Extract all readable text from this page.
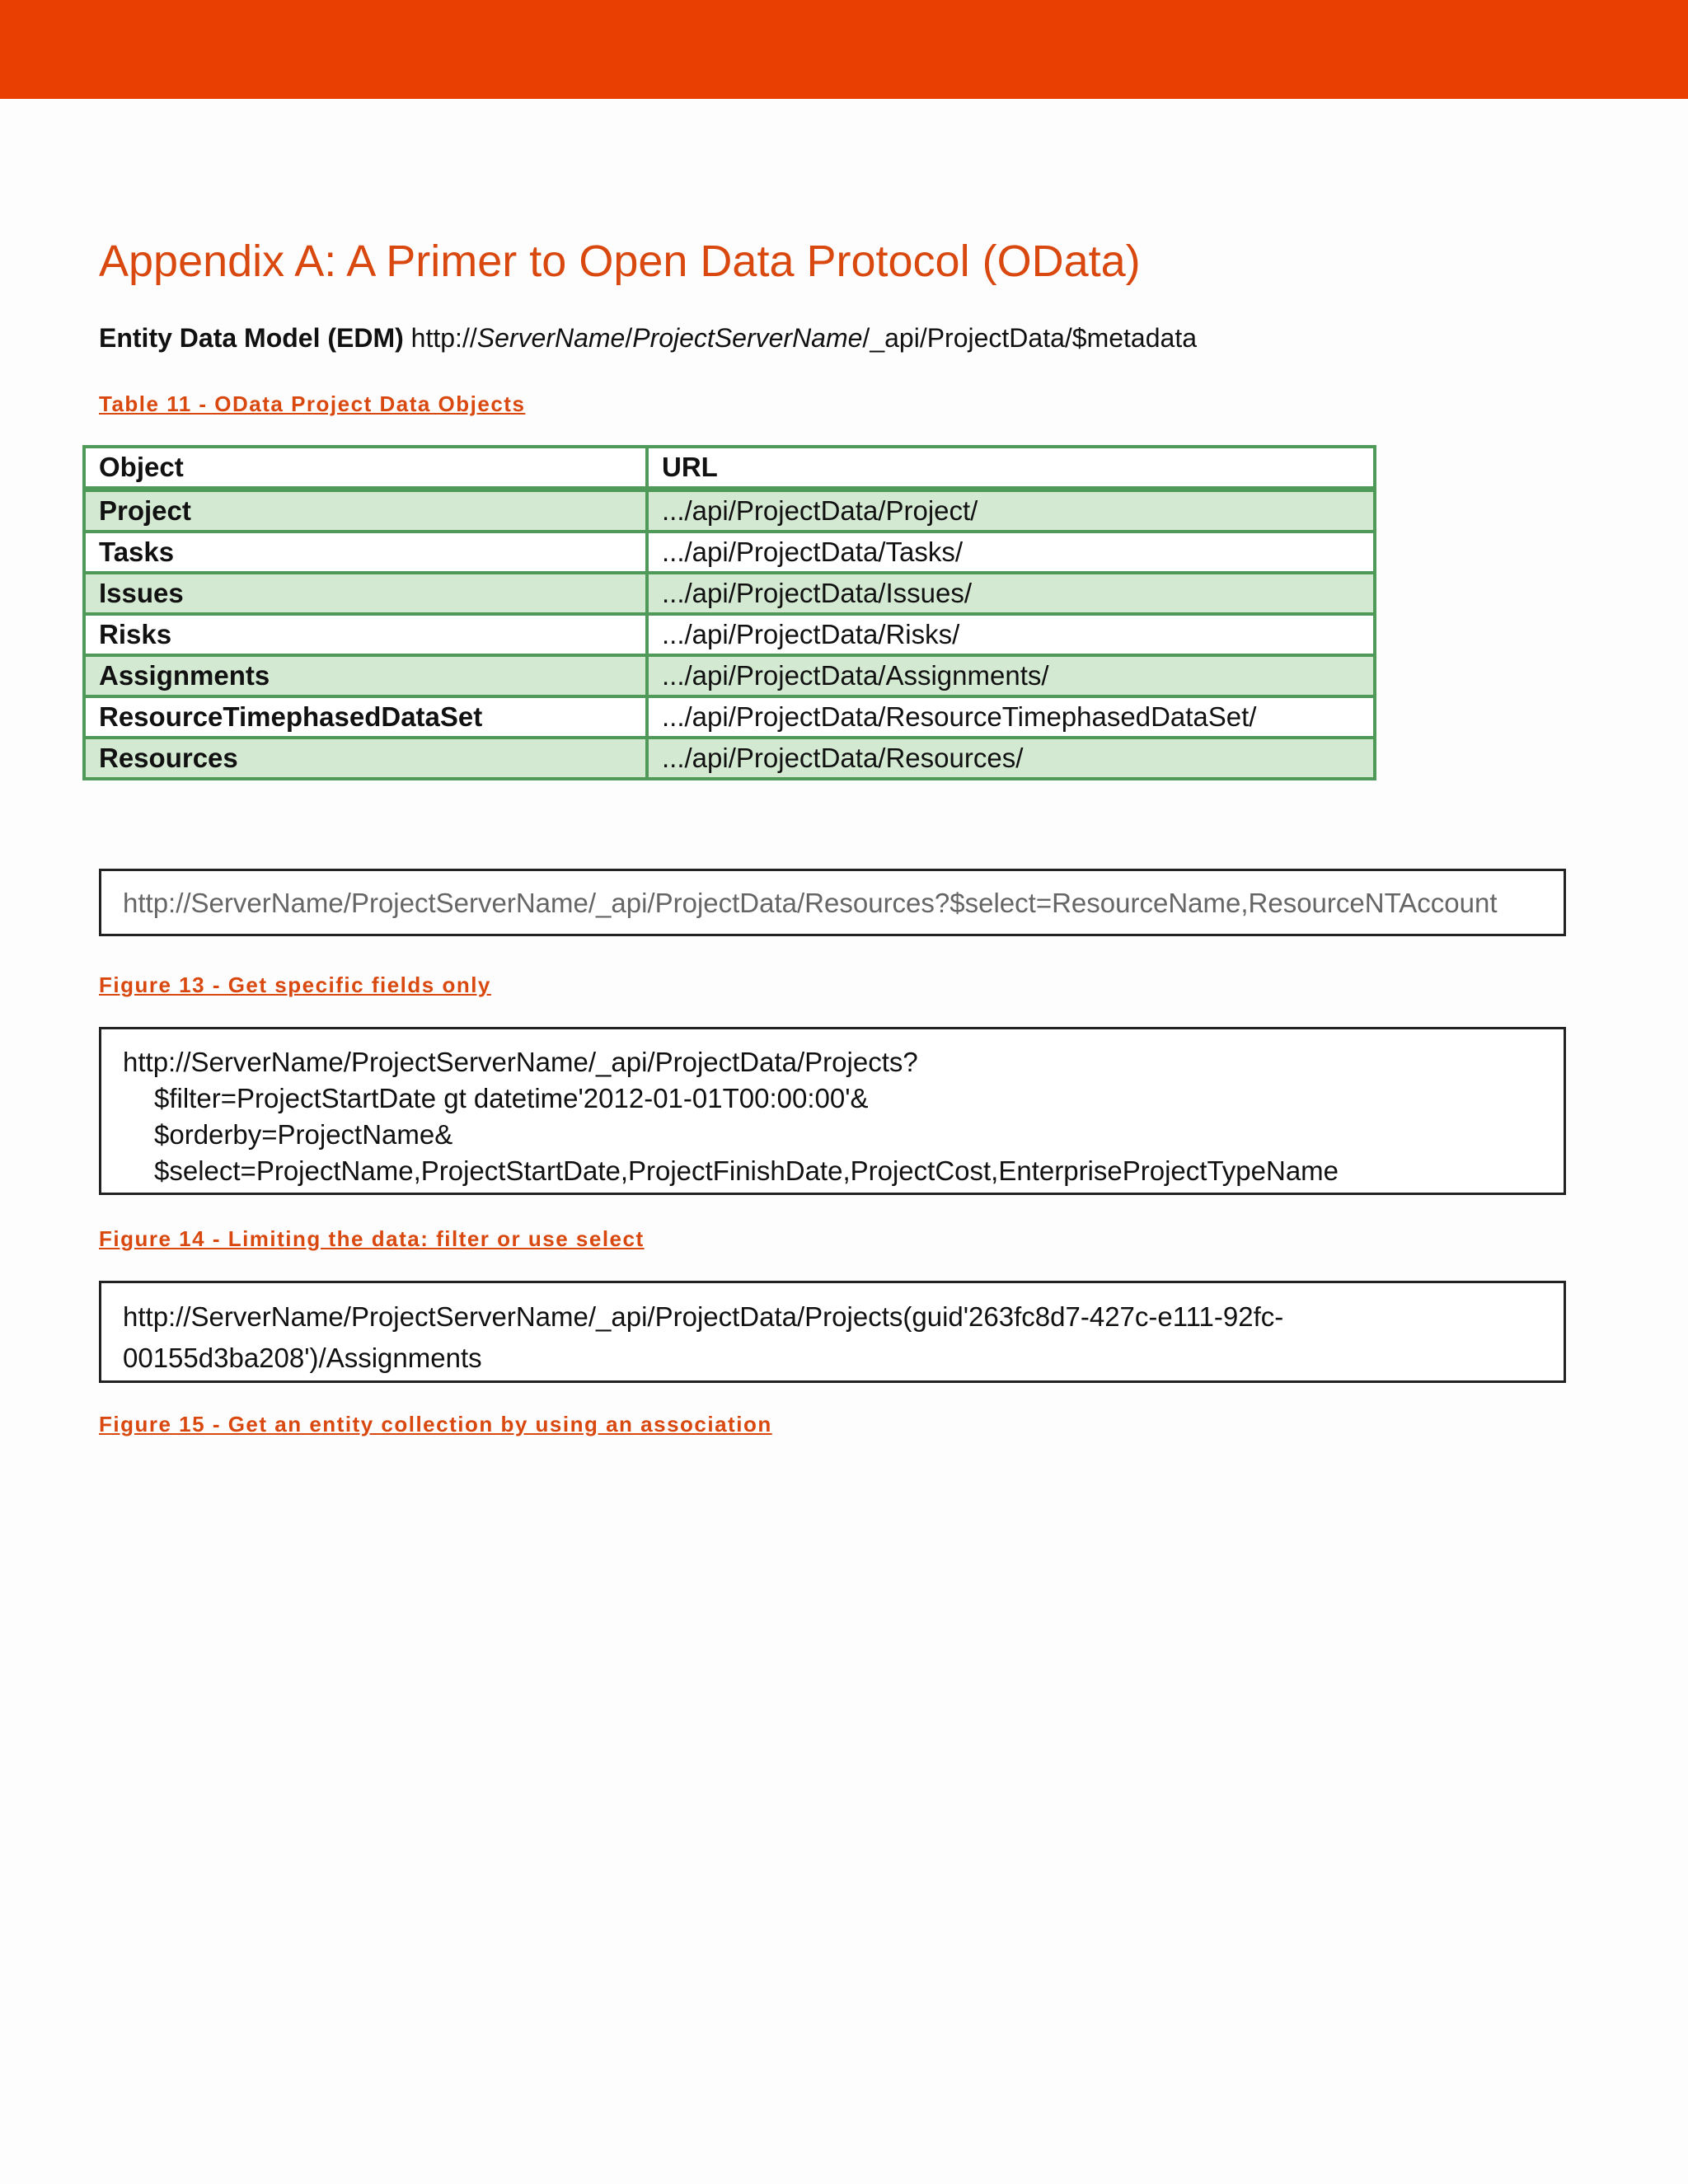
Appendix A: A Primer to Open Data Protocol (OData)
Entity Data Model (EDM) http://ServerName/ProjectServerName/_api/ProjectData/$metadata
Table 11 - OData Project Data Objects
Object	URL
Project	.../api/ProjectData/Project/
Tasks	.../api/ProjectData/Tasks/
Issues	.../api/ProjectData/Issues/
Risks	.../api/ProjectData/Risks/
Assignments	.../api/ProjectData/Assignments/
ResourceTimephasedDataSet	.../api/ProjectData/ResourceTimephasedDataSet/
Resources	.../api/ProjectData/Resources/
http://ServerName/ProjectServerName/_api/ProjectData/Resources?$select=ResourceName,ResourceNTAccount
Figure 13 - Get specific fields only
http://ServerName/ProjectServerName/_api/ProjectData/Projects?
$filter=ProjectStartDate gt datetime'2012-01-01T00:00:00'&
$orderby=ProjectName&
$select=ProjectName,ProjectStartDate,ProjectFinishDate,ProjectCost,EnterpriseProjectTypeName
Figure 14 - Limiting the data: filter or use select
http://ServerName/ProjectServerName/_api/ProjectData/Projects(guid'263fc8d7-427c-e111-92fc-
00155d3ba208')/Assignments
Figure 15 - Get an entity collection by using an association
